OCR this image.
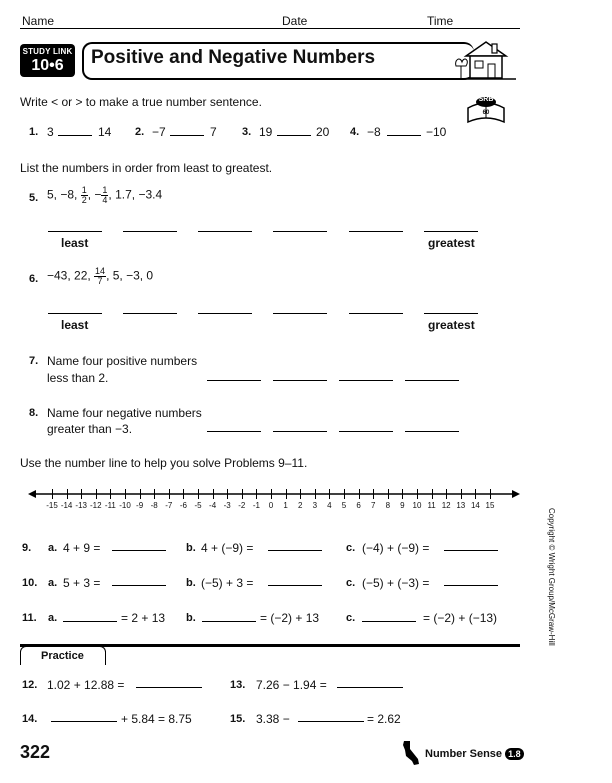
Name	Date	Time
STUDY LINK
10•6	Positive and Negative Numbers
SRB
60
Write < or > to make a true number sentence.
1. 3	14 2. −7	7 3. 19	20 4. −8	−10
List the numbers in order from least to greatest.
5. 5, −8, $\frac{1}{2}$ , − $\frac{1}{4}$ , 1.7, −3.4
least	greatest
6. −43, 22, $\frac{14}{7}$ , 5, −3, 0
least	greatest
7. Name four positive numbers
less than 2.
8. Name four negative numbers
greater than −3.
Use the number line to help you solve Problems 9–11.
-15 -14 -13 -12 -11 -10 -9 -8 -7 -6 -5 -4 -3 -2 -1	0	1	2	3	4	5	6	7	8	9 10 11 12 13 14 15
9. a. 4 + 9 =	b. 4 + (−9) =	c. (−4) + (−9) =
10. a. 5 + 3 =	b. (−5) + 3 =	c. (−5) + (−3) =
11. a.	= 2 + 13 b.	= (−2) + 13 c.	= (−2) + (−13)
Practice
12. 1.02 + 12.88 =	13. 7.26 − 1.94 =
14.	+ 5.84 = 8.75	15. 3.38 −	= 2.62
322	Number Sense 1.8
Copyright © Wright Group/McGraw-Hill
